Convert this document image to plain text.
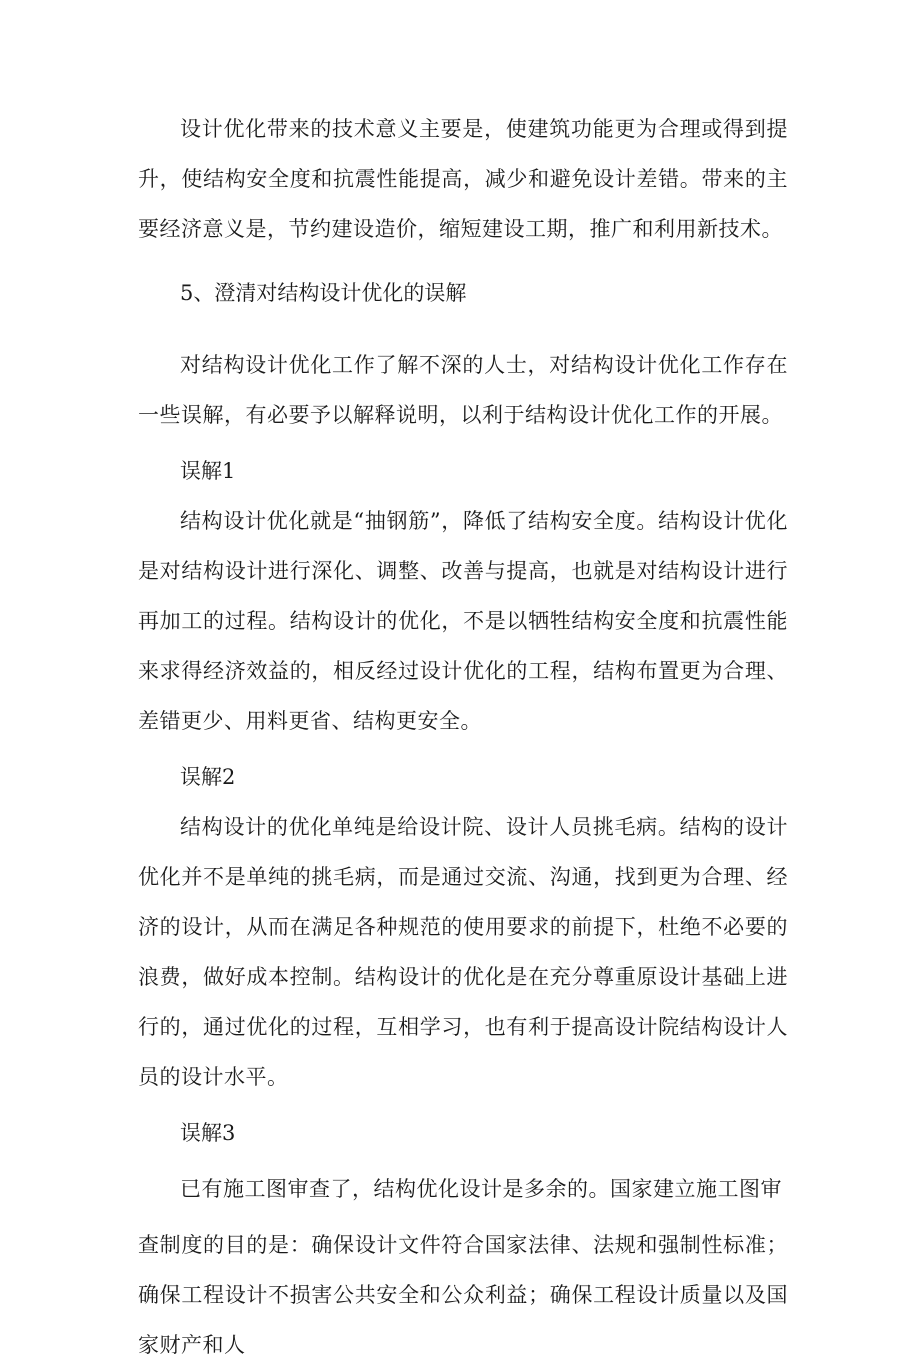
设计优化带来的技术意义主要是，使建筑功能更为合理或得到提升，使结构安全度和抗震性能提高，减少和避免设计差错。带来的主要经济意义是，节约建设造价，缩短建设工期，推广和利用新技术。

5、澄清对结构设计优化的误解

对结构设计优化工作了解不深的人士，对结构设计优化工作存在一些误解，有必要予以解释说明，以利于结构设计优化工作的开展。

误解1

结构设计优化就是“抽钢筋”，降低了结构安全度。结构设计优化是对结构设计进行深化、调整、改善与提高，也就是对结构设计进行再加工的过程。结构设计的优化，不是以牺牲结构安全度和抗震性能来求得经济效益的，相反经过设计优化的工程，结构布置更为合理、差错更少、用料更省、结构更安全。

误解2

结构设计的优化单纯是给设计院、设计人员挑毛病。结构的设计优化并不是单纯的挑毛病，而是通过交流、沟通，找到更为合理、经济的设计，从而在满足各种规范的使用要求的前提下，杜绝不必要的浪费，做好成本控制。结构设计的优化是在充分尊重原设计基础上进行的，通过优化的过程，互相学习，也有利于提高设计院结构设计人员的设计水平。

误解3

已有施工图审查了，结构优化设计是多余的。国家建立施工图审

查制度的目的是：确保设计文件符合国家法律、法规和强制性标准；确保工程设计不损害公共安全和公众利益；确保工程设计质量以及国家财产和人
